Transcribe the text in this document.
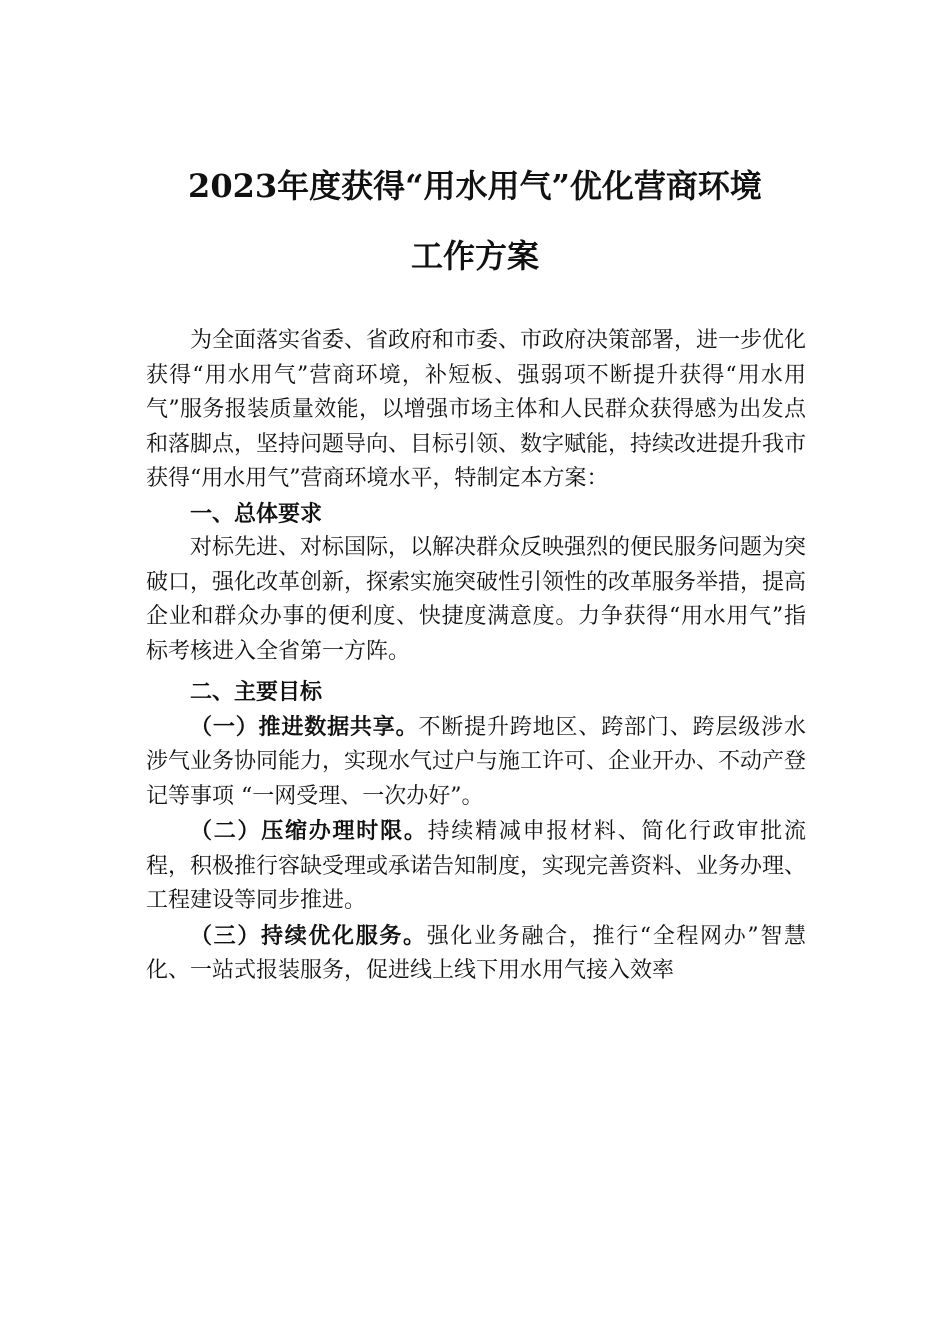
2023年度获得“用水用气”优化营商环境
工作方案

为全面落实省委、省政府和市委、市政府决策部署，进一步优化获得“用水用气”营商环境，补短板、强弱项不断提升获得“用水用气”服务报装质量效能，以增强市场主体和人民群众获得感为出发点和落脚点，坚持问题导向、目标引领、数字赋能，持续改进提升我市获得“用水用气”营商环境水平，特制定本方案：

一、总体要求

对标先进、对标国际，以解决群众反映强烈的便民服务问题为突破口，强化改革创新，探索实施突破性引领性的改革服务举措，提高企业和群众办事的便利度、快捷度满意度。力争获得“用水用气”指标考核进入全省第一方阵。

二、主要目标

（一）推进数据共享。不断提升跨地区、跨部门、跨层级涉水涉气业务协同能力，实现水气过户与施工许可、企业开办、不动产登记等事项 “一网受理、一次办好”。

（二）压缩办理时限。持续精减申报材料、简化行政审批流程，积极推行容缺受理或承诺告知制度，实现完善资料、业务办理、工程建设等同步推进。

（三）持续优化服务。强化业务融合，推行“全程网办”智慧化、一站式报装服务，促进线上线下用水用气接入效率
